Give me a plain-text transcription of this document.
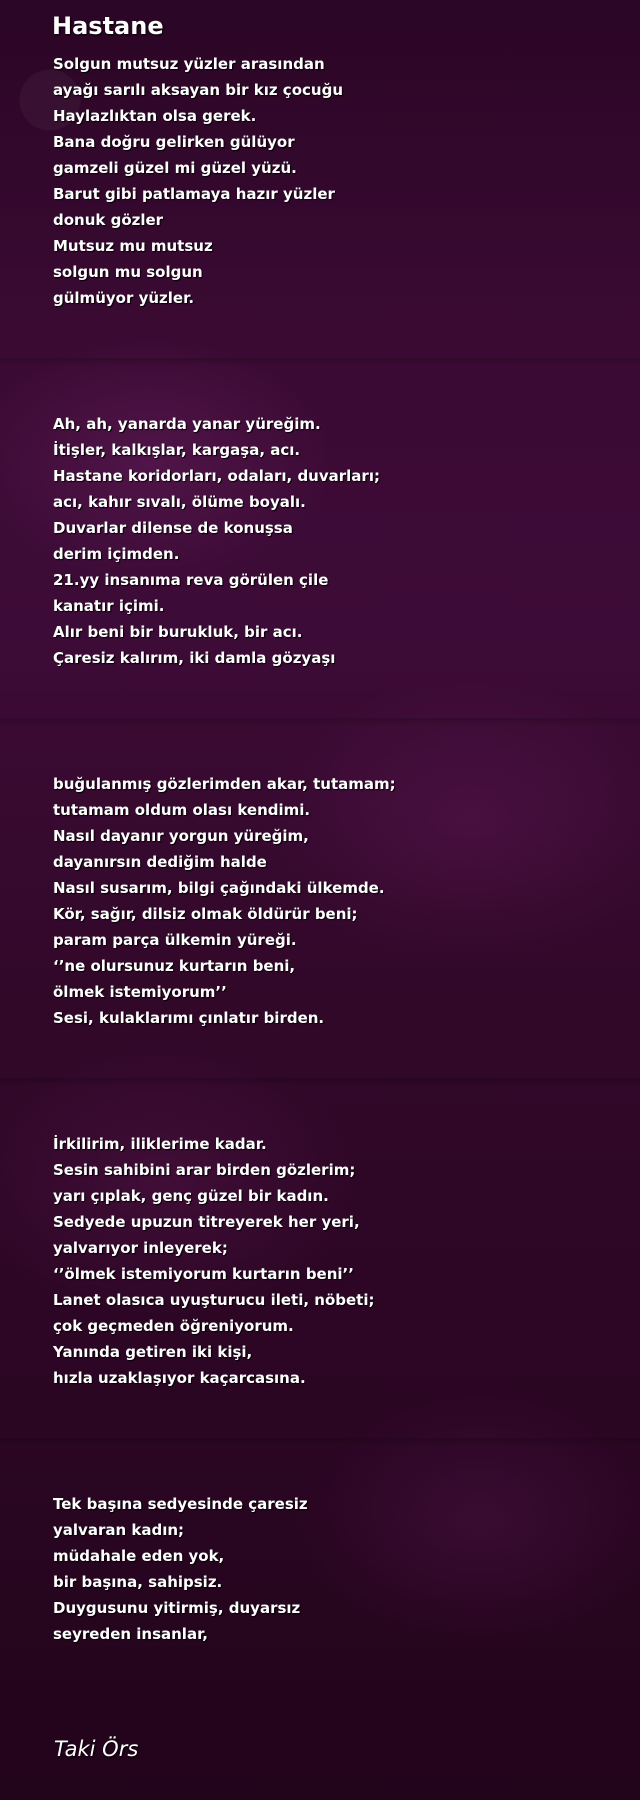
Hastane
Solgun mutsuz yüzler arasından
ayağı sarılı aksayan bir kız çocuğu
Haylazlıktan olsa gerek.
Bana doğru gelirken gülüyor
gamzeli güzel mi güzel yüzü.
Barut gibi patlamaya hazır yüzler
donuk gözler
Mutsuz mu mutsuz
solgun mu solgun
gülmüyor yüzler.
Ah, ah, yanarda yanar yüreğim.
İtişler, kalkışlar, kargaşa, acı.
Hastane koridorları, odaları, duvarları;
acı, kahır sıvalı, ölüme boyalı.
Duvarlar dilense de konuşsa
derim içimden.
21.yy insanıma reva görülen çile
kanatır içimi.
Alır beni bir burukluk, bir acı.
Çaresiz kalırım, iki damla gözyaşı
buğulanmış gözlerimden akar, tutamam;
tutamam oldum olası kendimi.
Nasıl dayanır yorgun yüreğim,
dayanırsın dediğim halde
Nasıl susarım, bilgi çağındaki ülkemde.
Kör, sağır, dilsiz olmak öldürür beni;
param parça ülkemin yüreği.
‘’ne olursunuz kurtarın beni,
ölmek istemiyorum’’
Sesi, kulaklarımı çınlatır birden.
İrkilirim, iliklerime kadar.
Sesin sahibini arar birden gözlerim;
yarı çıplak, genç güzel bir kadın.
Sedyede upuzun titreyerek her yeri,
yalvarıyor inleyerek;
‘’ölmek istemiyorum kurtarın beni’’
Lanet olasıca uyuşturucu ileti, nöbeti;
çok geçmeden öğreniyorum.
Yanında getiren iki kişi,
hızla uzaklaşıyor kaçarcasına.
Tek başına sedyesinde çaresiz
yalvaran kadın;
müdahale eden yok,
bir başına, sahipsiz.
Duygusunu yitirmiş, duyarsız
seyreden insanlar,
Taki Örs
